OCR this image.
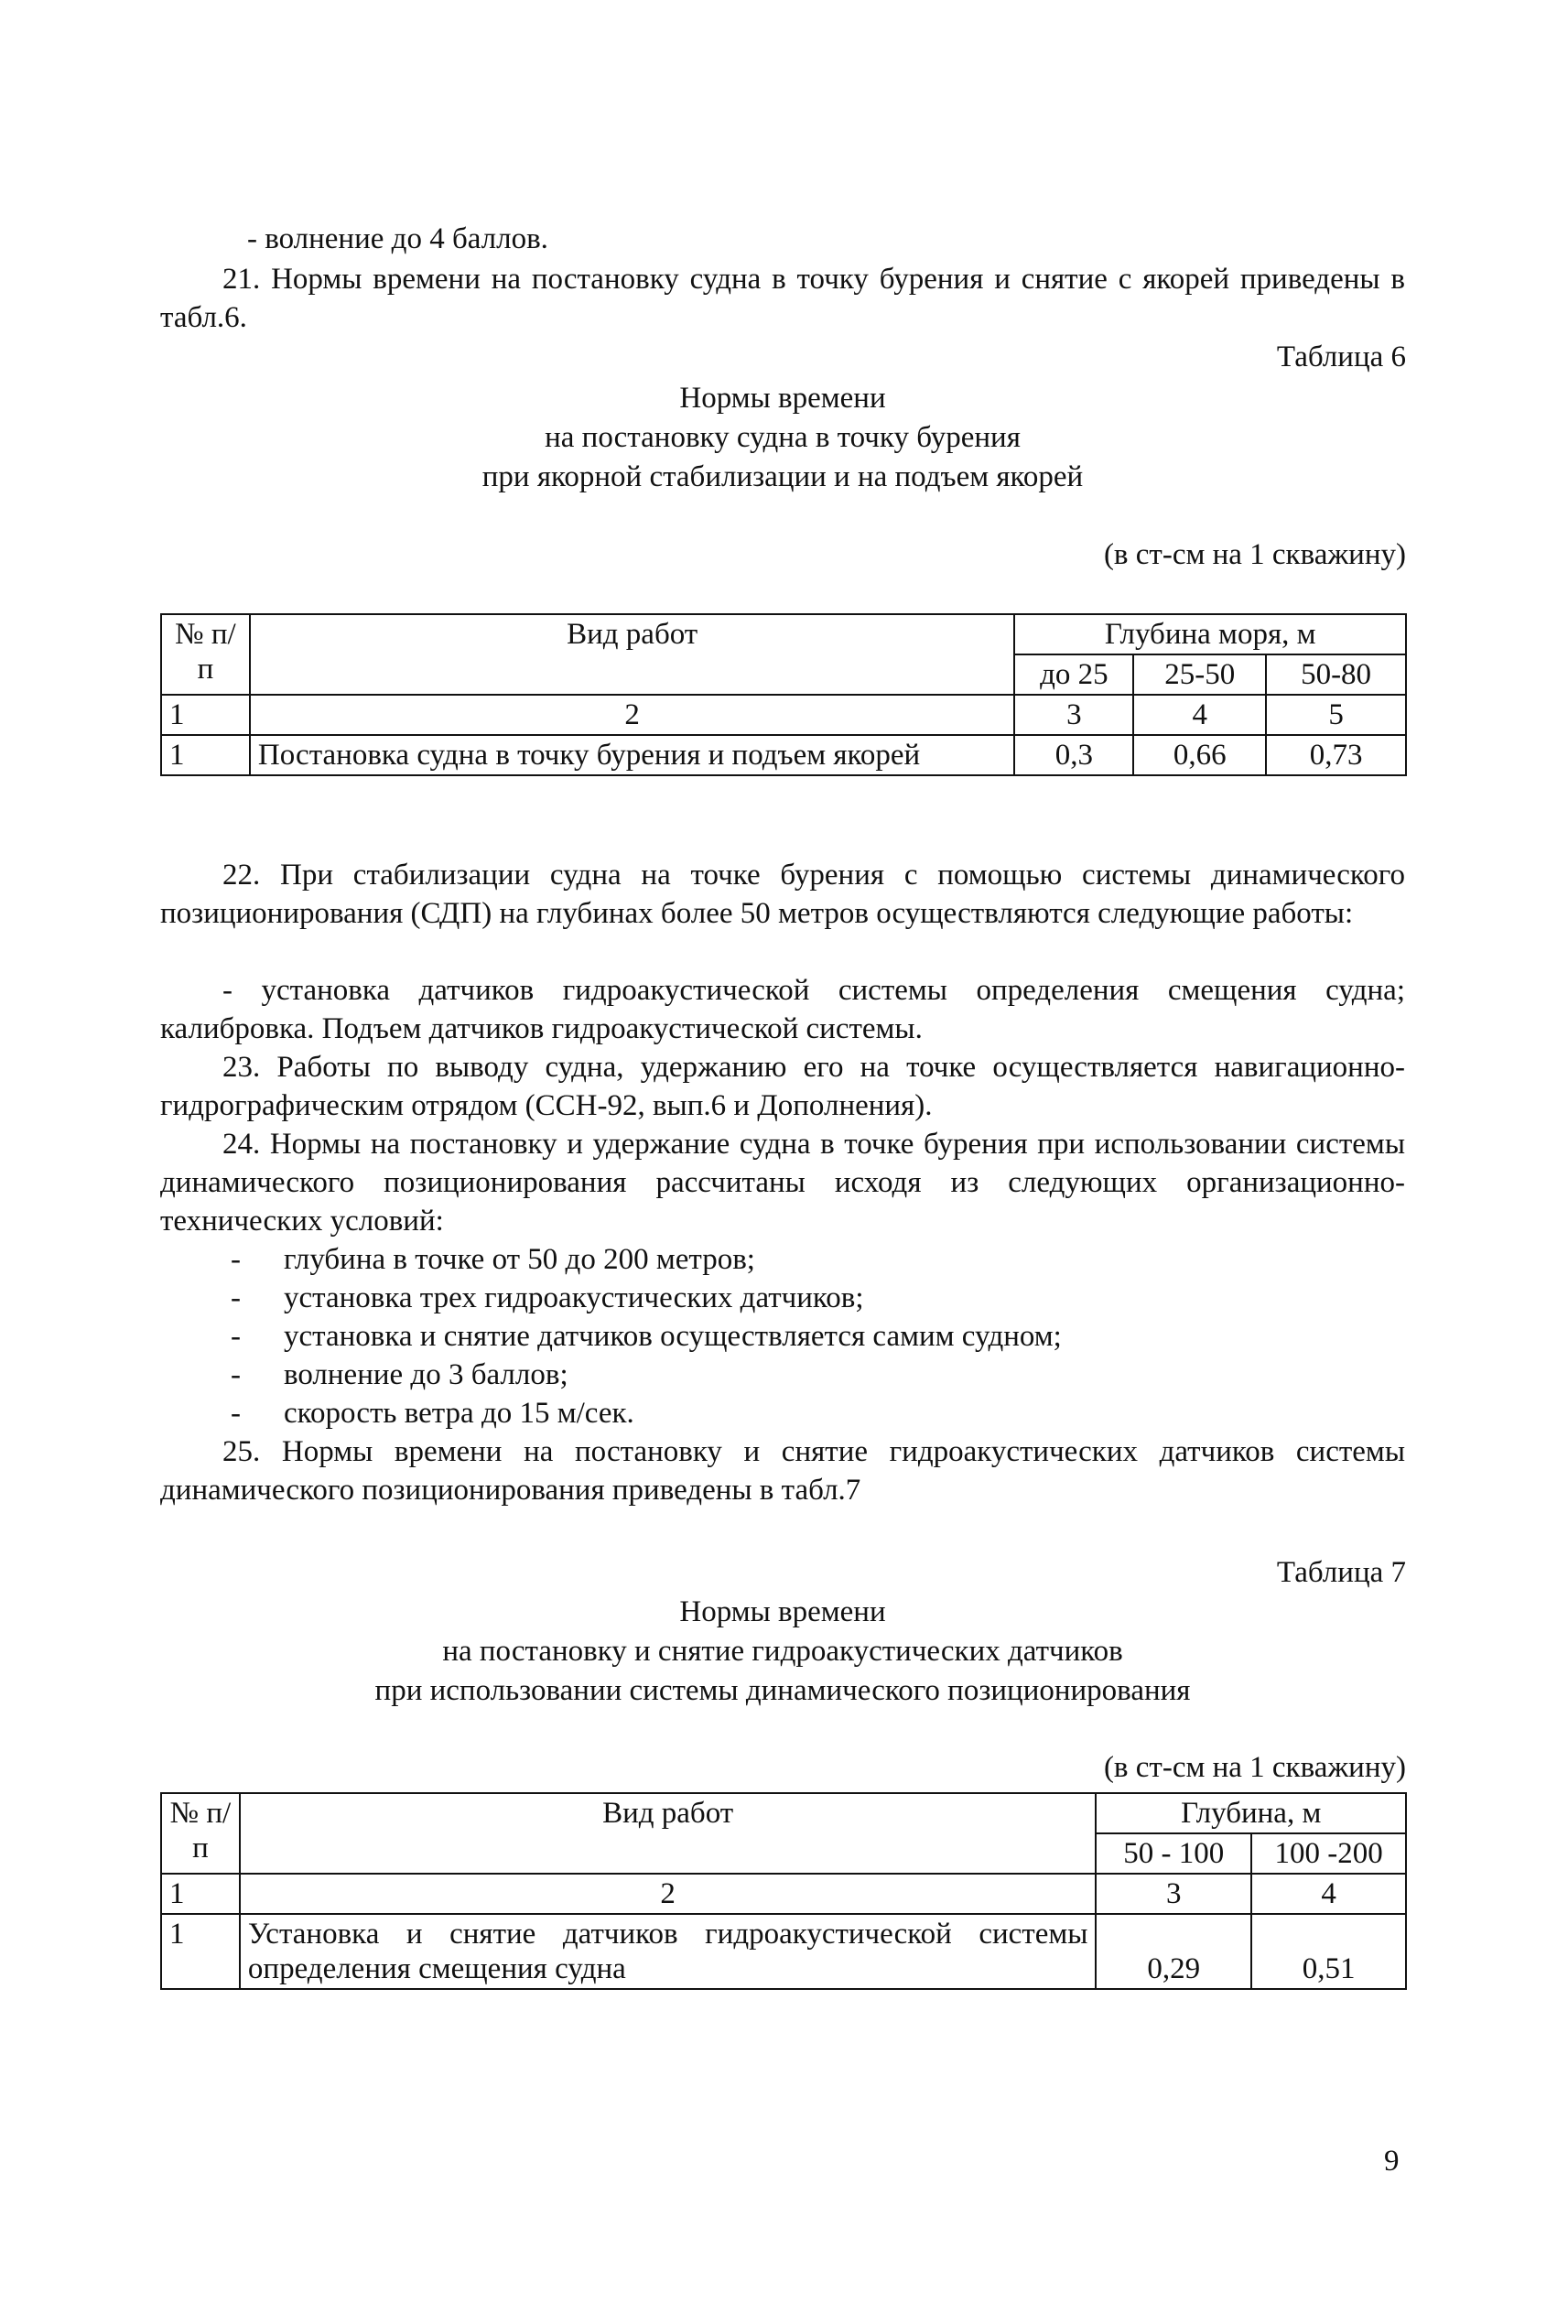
- волнение до 4 баллов.
21. Нормы времени на постановку судна в точку бурения и снятие с якорей приведены в табл.6.
Таблица 6
Нормы времени
на постановку судна в точку бурения
при якорной стабилизации и на подъем якорей
(в ст-см на 1 скважину)
№ п/п	Вид работ	Глубина моря, м		
		до 25	25-50	50-80
1	2	3	4	5
1	Постановка судна в точку бурения и подъем якорей	0,3	0,66	0,73
22. При стабилизации судна на точке бурения с помощью системы динамического позиционирования (СДП) на глубинах более 50 метров осуществляются следующие работы:
- установка датчиков гидроакустической системы определения смещения судна; калибровка. Подъем датчиков гидроакустической системы.
23. Работы по выводу судна, удержанию его на точке осуществляется навигационно-гидрографическим отрядом (ССН-92, вып.6 и Дополнения).
24. Нормы на постановку и удержание судна в точке бурения при использовании системы динамического позиционирования рассчитаны исходя из следующих организационно-технических условий:
- глубина в точке от 50 до 200 метров;
- установка трех гидроакустических датчиков;
- установка и снятие датчиков осуществляется самим судном;
- волнение до 3 баллов;
- скорость ветра до 15 м/сек.
25. Нормы времени на постановку и снятие гидроакустических датчиков системы динамического позиционирования приведены в табл.7
Таблица 7
Нормы времени
на постановку и снятие гидроакустических датчиков
при использовании системы динамического позиционирования
(в ст-см на 1 скважину)
№ п/п	Вид работ	Глубина, м	
		50 - 100	100 -200
1	2	3	4
1	Установка и снятие датчиков гидроакустической системы определения смещения судна	0,29	0,51
9
